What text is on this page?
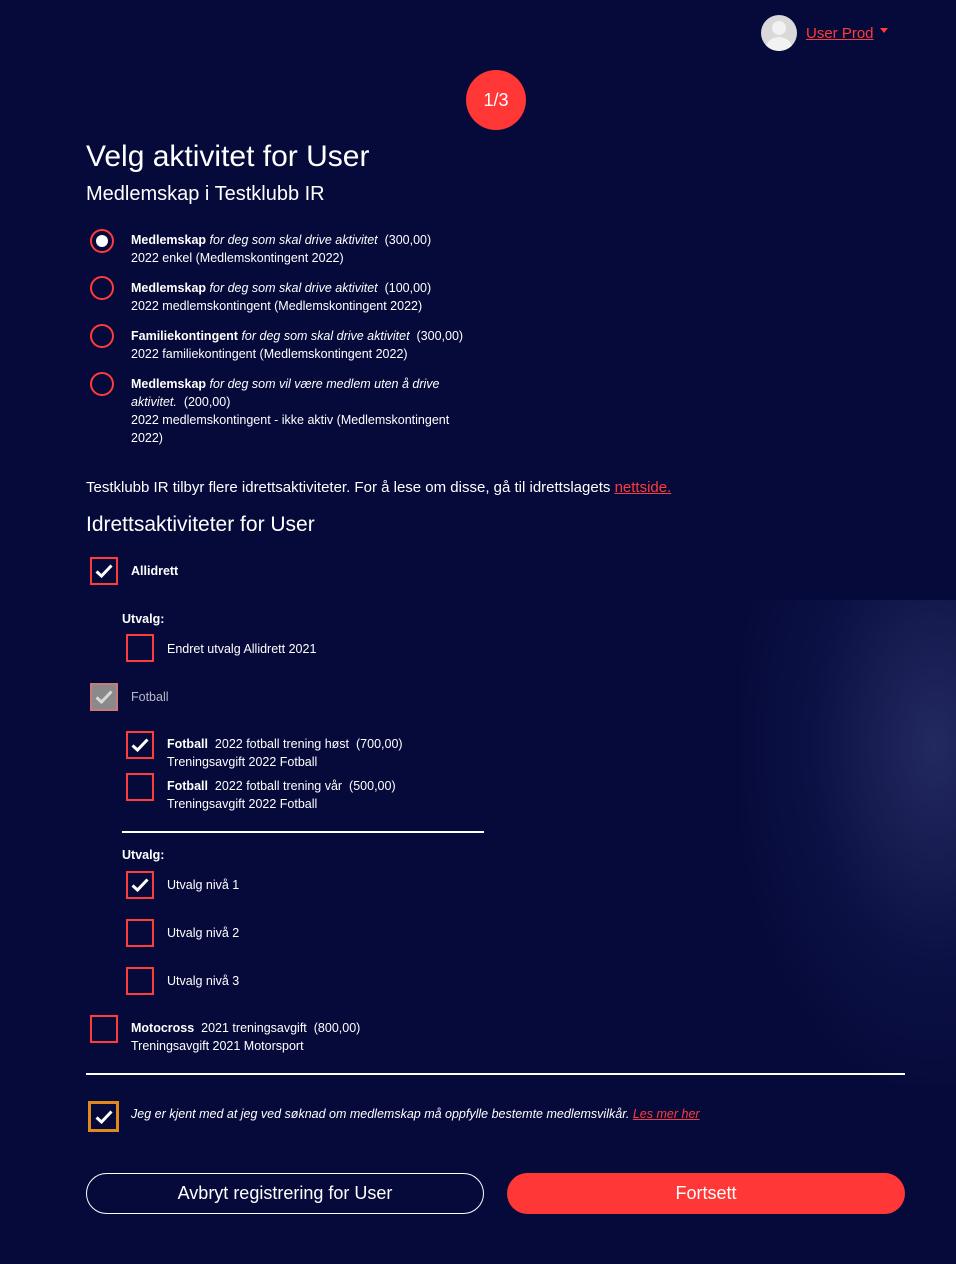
User Prod
1/3
Velg aktivitet for User
Medlemskap i Testklubb IR
Medlemskap for deg som skal drive aktivitet (300,00)
2022 enkel (Medlemskontingent 2022)
Medlemskap for deg som skal drive aktivitet (100,00)
2022 medlemskontingent (Medlemskontingent 2022)
Familiekontingent for deg som skal drive aktivitet (300,00)
2022 familiekontingent (Medlemskontingent 2022)
Medlemskap for deg som vil være medlem uten å drive
aktivitet. (200,00)
2022 medlemskontingent - ikke aktiv (Medlemskontingent
2022)
Testklubb IR tilbyr flere idrettsaktiviteter. For å lese om disse, gå til idrettslagets nettside.
Idrettsaktiviteter for User
Allidrett
Utvalg:
Endret utvalg Allidrett 2021
Fotball
Fotball 2022 fotball trening høst (700,00)
Treningsavgift 2022 Fotball
Fotball 2022 fotball trening vår (500,00)
Treningsavgift 2022 Fotball
Utvalg:
Utvalg nivå 1
Utvalg nivå 2
Utvalg nivå 3
Motocross 2021 treningsavgift (800,00)
Treningsavgift 2021 Motorsport
Jeg er kjent med at jeg ved søknad om medlemskap må oppfylle bestemte medlemsvilkår. Les mer her
Avbryt registrering for User	Fortsett
